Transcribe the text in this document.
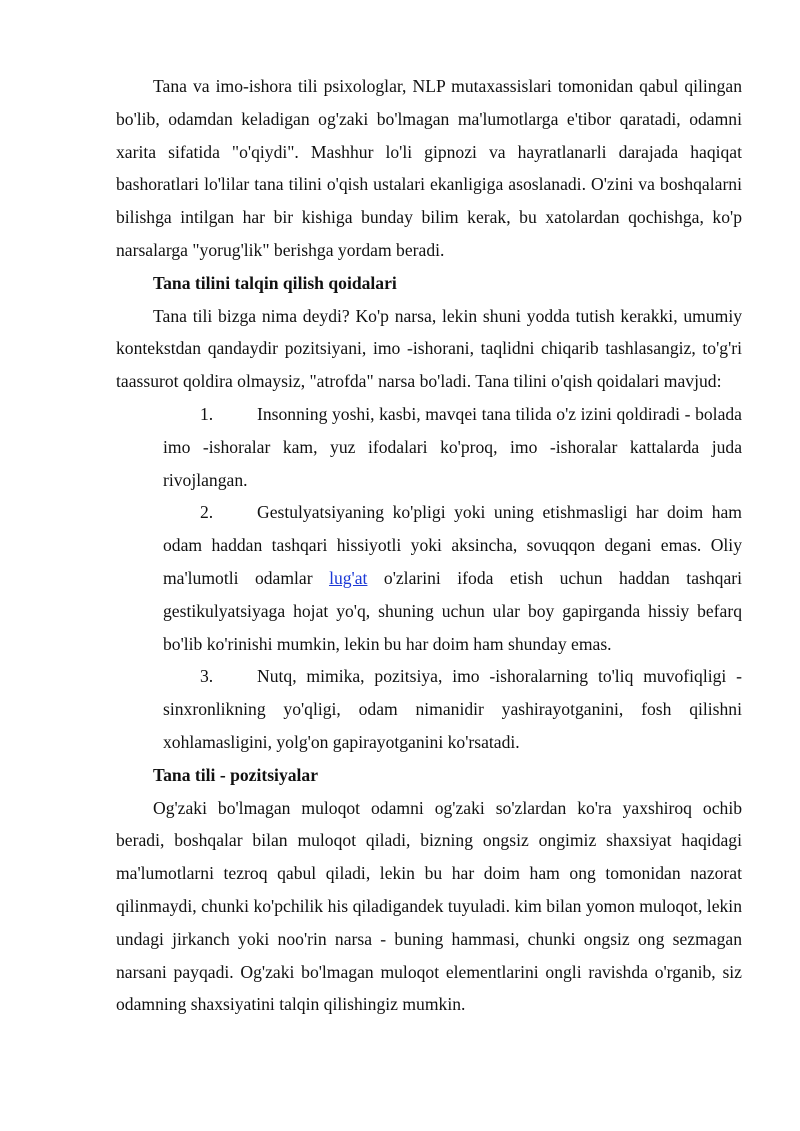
Tana va imo-ishora tili psixologlar, NLP mutaxassislari tomonidan qabul qilingan bo'lib, odamdan keladigan og'zaki bo'lmagan ma'lumotlarga e'tibor qaratadi, odamni xarita sifatida "o'qiydi". Mashhur lo'li gipnozi va hayratlanarli darajada haqiqat bashoratlari lo'lilar tana tilini o'qish ustalari ekanligiga asoslanadi. O'zini va boshqalarni bilishga intilgan har bir kishiga bunday bilim kerak, bu xatolardan qochishga, ko'p narsalarga "yorug'lik" berishga yordam beradi.

Tana tilini talqin qilish qoidalari

Tana tili bizga nima deydi? Ko'p narsa, lekin shuni yodda tutish kerakki, umumiy kontekstdan qandaydir pozitsiyani, imo -ishorani, taqlidni chiqarib tashlasangiz, to'g'ri taassurot qoldira olmaysiz, "atrofda" narsa bo'ladi. Tana tilini o'qish qoidalari mavjud:

1. Insonning yoshi, kasbi, mavqei tana tilida o'z izini qoldiradi - bolada imo -ishoralar kam, yuz ifodalari ko'proq, imo -ishoralar kattalarda juda rivojlangan.

2. Gestulyatsiyaning ko'pligi yoki uning etishmasligi har doim ham odam haddan tashqari hissiyotli yoki aksincha, sovuqqon degani emas. Oliy ma'lumotli odamlar lug'at o'zlarini ifoda etish uchun haddan tashqari gestikulyatsiyaga hojat yo'q, shuning uchun ular boy gapirganda hissiy befarq bo'lib ko'rinishi mumkin, lekin bu har doim ham shunday emas.

3. Nutq, mimika, pozitsiya, imo -ishoralarning to'liq muvofiqligi - sinxronlikning yo'qligi, odam nimanidir yashirayotganini, fosh qilishni xohlamasligini, yolg'on gapirayotganini ko'rsatadi.

Tana tili - pozitsiyalar

Og'zaki bo'lmagan muloqot odamni og'zaki so'zlardan ko'ra yaxshiroq ochib beradi, boshqalar bilan muloqot qiladi, bizning ongsiz ongimiz shaxsiyat haqidagi ma'lumotlarni tezroq qabul qiladi, lekin bu har doim ham ong tomonidan nazorat qilinmaydi, chunki ko'pchilik his qiladigandek tuyuladi. kim bilan yomon muloqot, lekin undagi jirkanch yoki noo'rin narsa - buning hammasi, chunki ongsiz ong sezmagan narsani payqadi. Og'zaki bo'lmagan muloqot elementlarini ongli ravishda o'rganib, siz odamning shaxsiyatini talqin qilishingiz mumkin.
